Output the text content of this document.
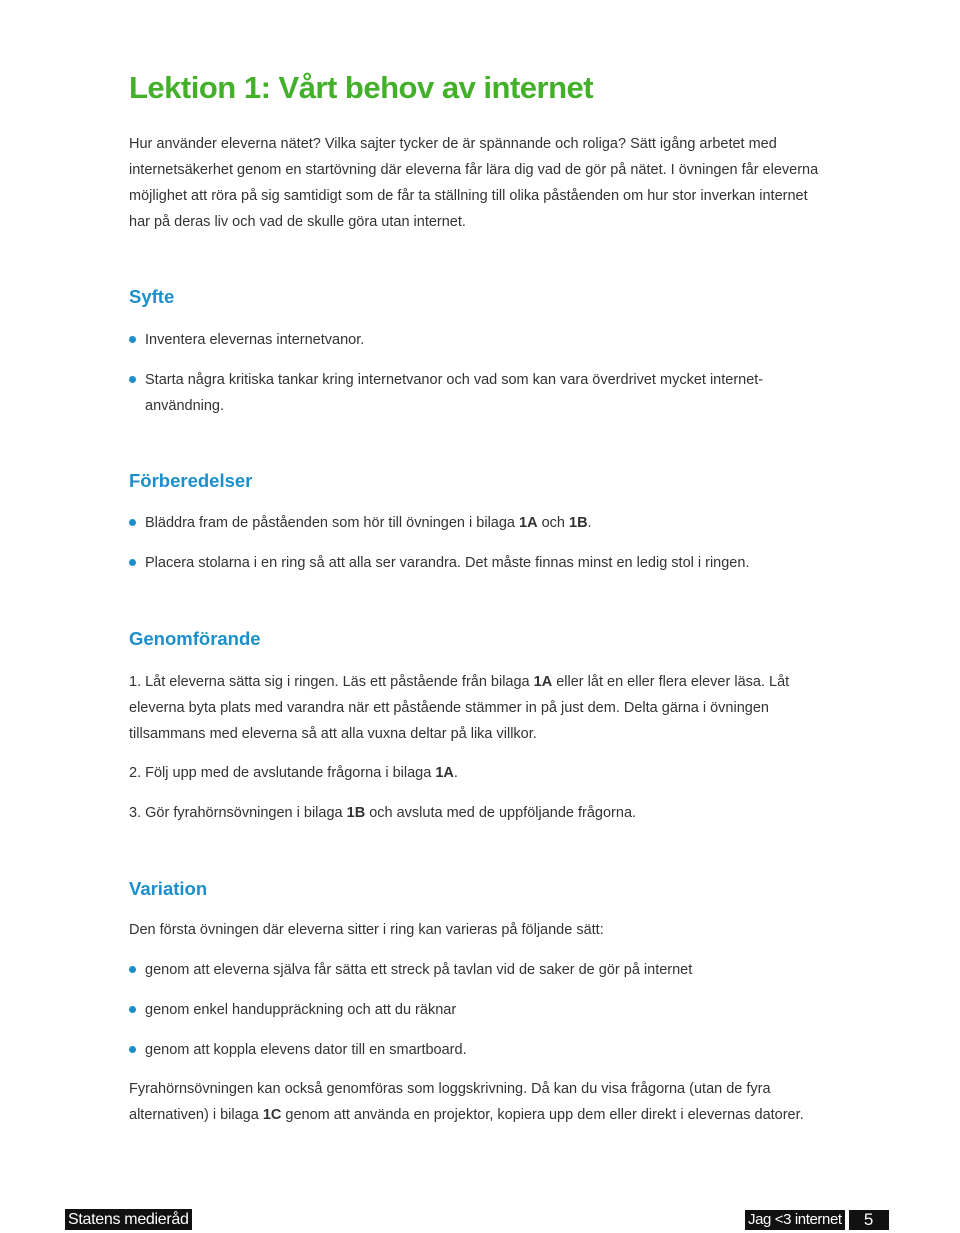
Lektion 1: Vårt behov av internet

Hur använder eleverna nätet? Vilka sajter tycker de är spännande och roliga? Sätt igång arbetet med internetsäkerhet genom en startövning där eleverna får lära dig vad de gör på nätet. I övningen får eleverna möjlighet att röra på sig samtidigt som de får ta ställning till olika påståenden om hur stor inverkan internet har på deras liv och vad de skulle göra utan internet.

Syfte
Inventera elevernas internetvanor.
Starta några kritiska tankar kring internetvanor och vad som kan vara överdrivet mycket internet-användning.
Förberedelser
Bläddra fram de påståenden som hör till övningen i bilaga 1A och 1B.
Placera stolarna i en ring så att alla ser varandra. Det måste finnas minst en ledig stol i ringen.
Genomförande

1. Låt eleverna sätta sig i ringen. Läs ett påstående från bilaga 1A eller låt en eller flera elever läsa. Låt eleverna byta plats med varandra när ett påstående stämmer in på just dem. Delta gärna i övningen tillsammans med eleverna så att alla vuxna deltar på lika villkor.

2. Följ upp med de avslutande frågorna i bilaga 1A.

3. Gör fyrahörnsövningen i bilaga 1B och avsluta med de uppföljande frågorna.

Variation

Den första övningen där eleverna sitter i ring kan varieras på följande sätt:

genom att eleverna själva får sätta ett streck på tavlan vid de saker de gör på internet
genom enkel handuppräckning och att du räknar
genom att koppla elevens dator till en smartboard.

Fyrahörnsövningen kan också genomföras som loggskrivning. Då kan du visa frågorna (utan de fyra alternativen) i bilaga 1C genom att använda en projektor, kopiera upp dem eller direkt i elevernas datorer.

Statens medieråd	Jag <3 internet	5
